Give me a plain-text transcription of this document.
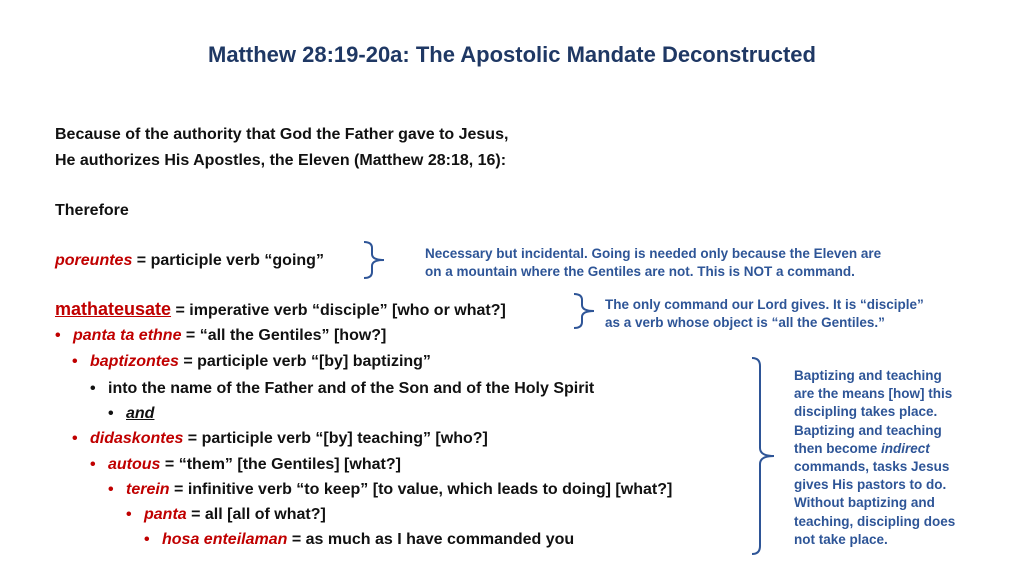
Matthew 28:19-20a: The Apostolic Mandate Deconstructed
Because of the authority that God the Father gave to Jesus,
He authorizes His Apostles, the Eleven (Matthew 28:18, 16):
Therefore
poreuntes = participle verb “going”
mathateusate = imperative verb “disciple” [who or what?]
• panta ta ethne = “all the Gentiles” [how?]
• baptizontes = participle verb “[by] baptizing”
• into the name of the Father and of the Son and of the Holy Spirit
• and
• didaskontes = participle verb “[by] teaching” [who?]
• autous = “them” [the Gentiles] [what?]
• terein = infinitive verb “to keep” [to value, which leads to doing] [what?]
• panta = all [all of what?]
• hosa enteilaman = as much as I have commanded you
Necessary but incidental. Going is needed only because the Eleven are
on a mountain where the Gentiles are not. This is NOT a command.
The only command our Lord gives. It is “disciple”
as a verb whose object is “all the Gentiles.”
Baptizing and teaching
are the means [how] this
discipling takes place.
Baptizing and teaching
then become indirect
commands, tasks Jesus
gives His pastors to do.
Without baptizing and
teaching, discipling does
not take place.
